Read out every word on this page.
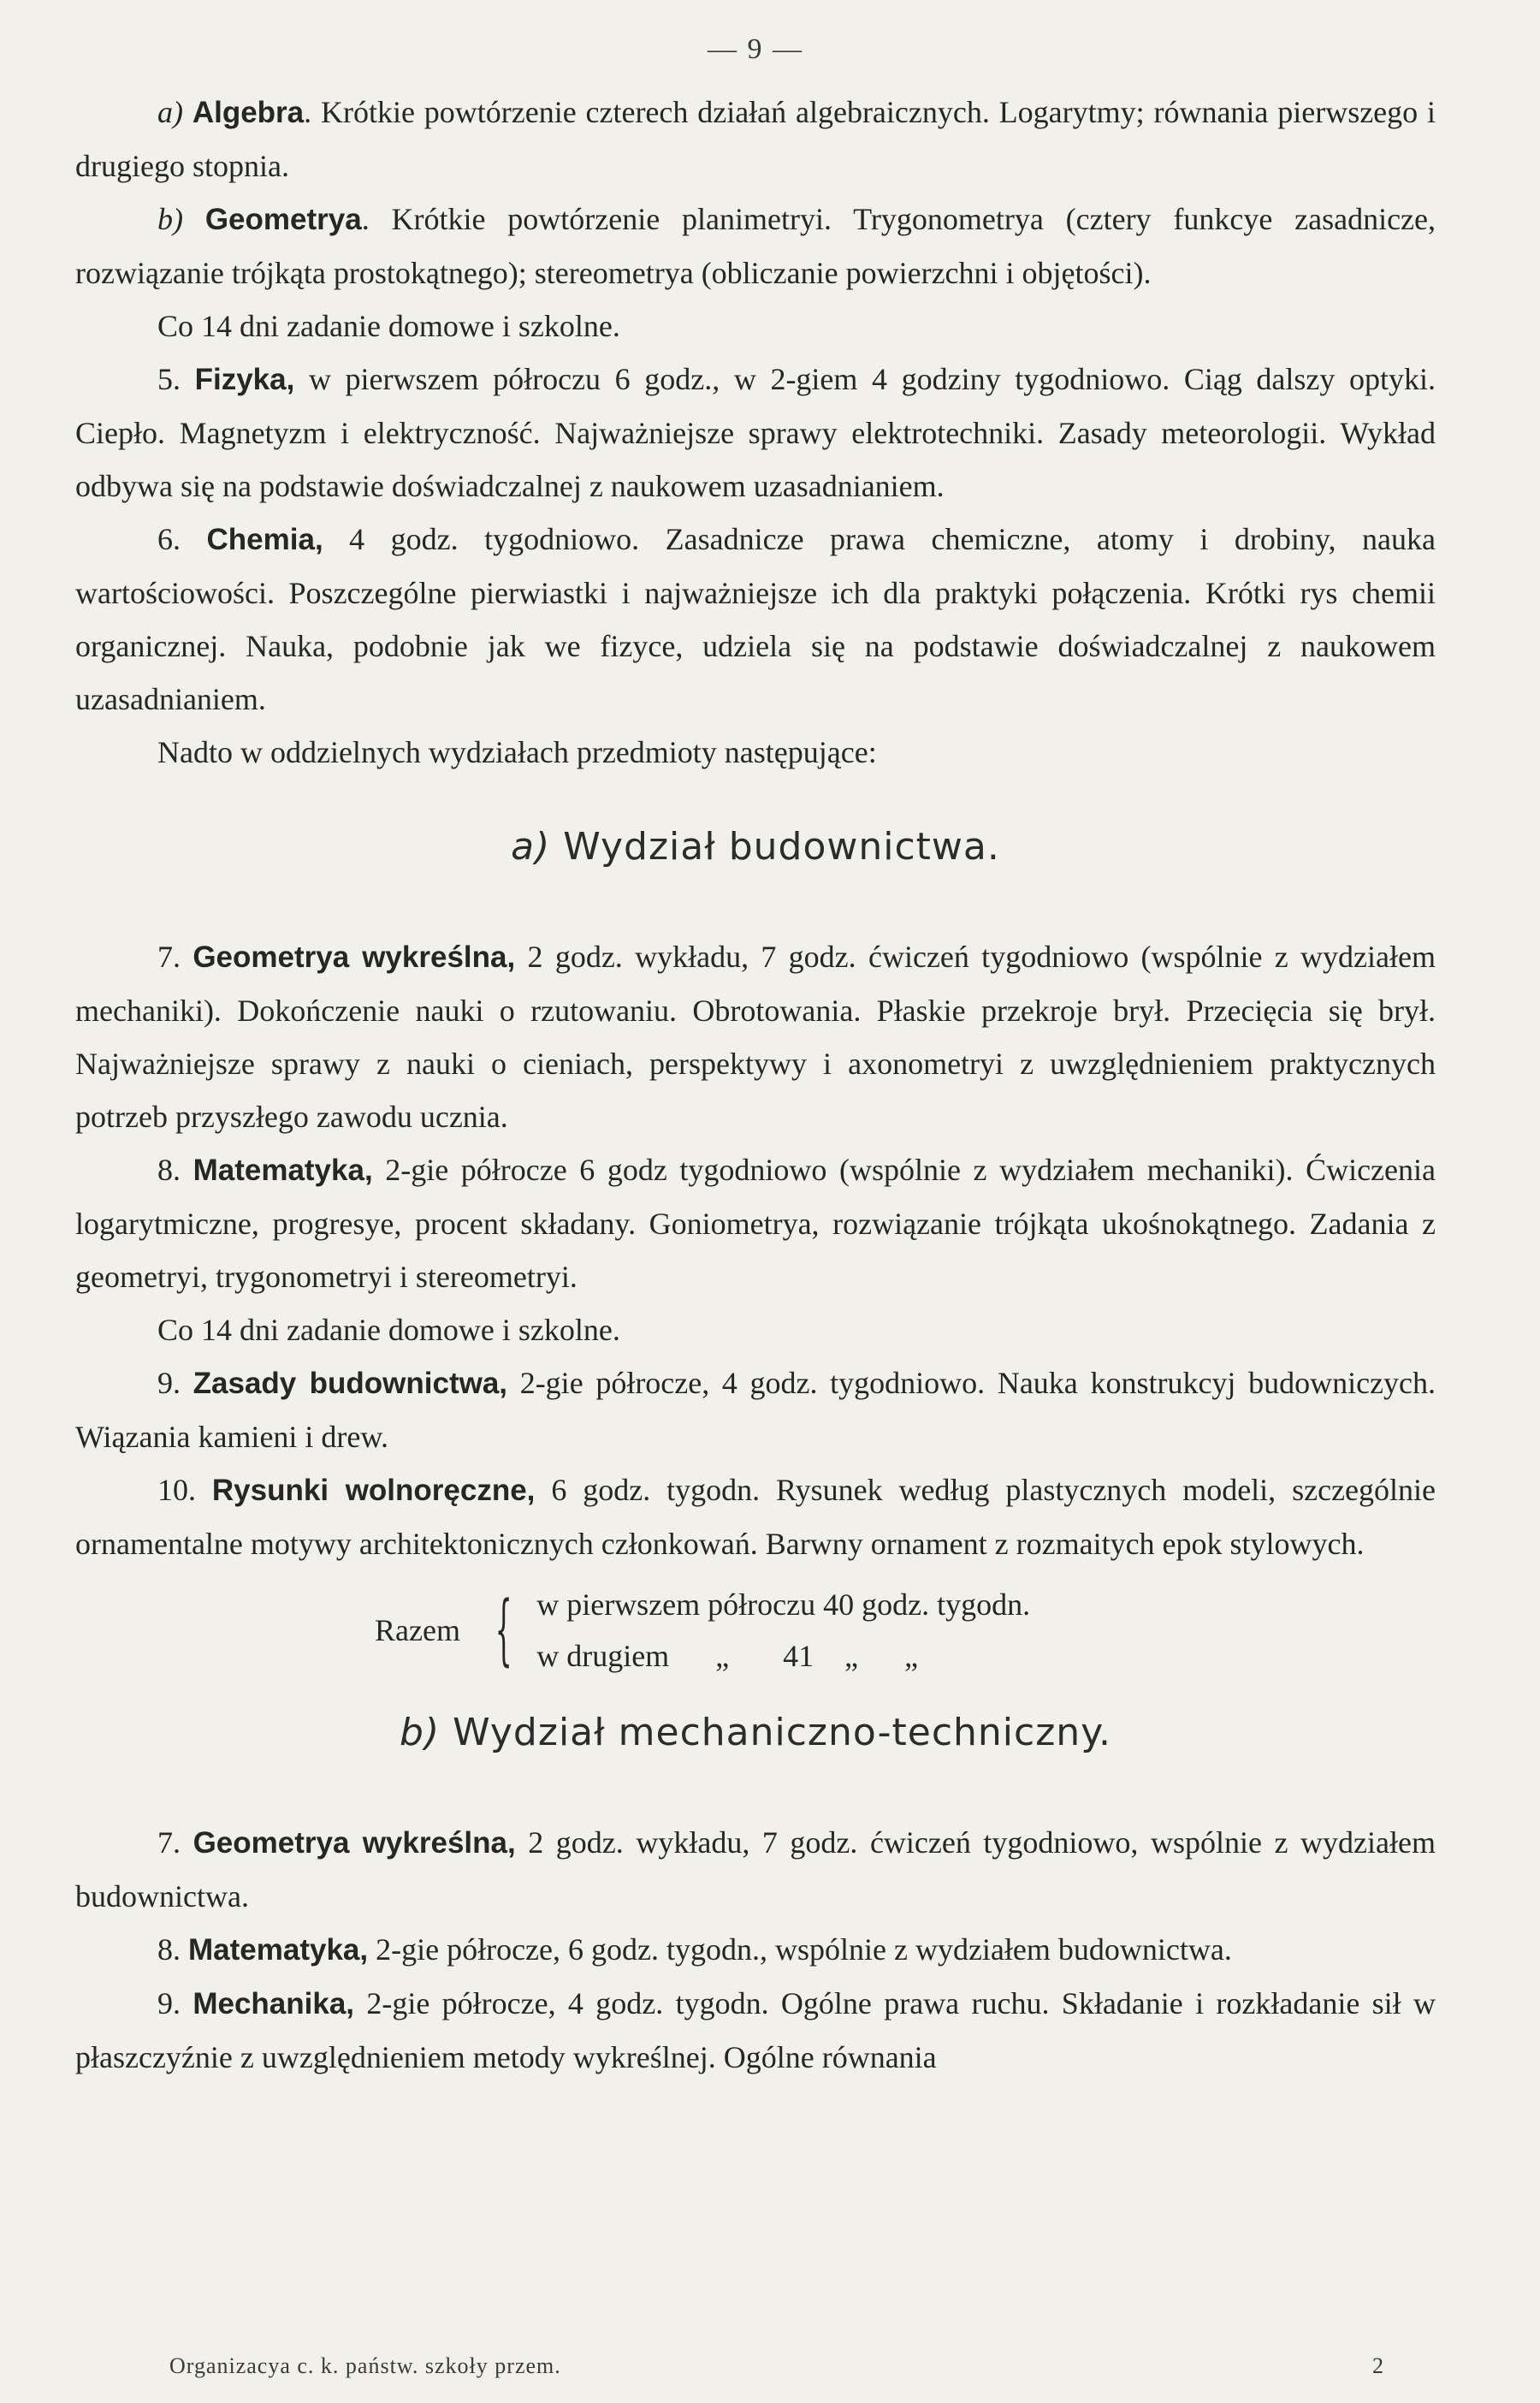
— 9 —

a) Algebra. Krótkie powtórzenie czterech działań algebraicznych. Logarytmy; równania pierwszego i drugiego stopnia.

b) Geometrya. Krótkie powtórzenie planimetryi. Trygonometrya (cztery funkcye zasadnicze, rozwiązanie trójkąta prostokątnego); stereometrya (obliczanie powierzchni i objętości).

Co 14 dni zadanie domowe i szkolne.

5. Fizyka, w pierwszem półroczu 6 godz., w 2-giem 4 godziny tygodniowo. Ciąg dalszy optyki. Ciepło. Magnetyzm i elektryczność. Najważniejsze sprawy elektrotechniki. Zasady meteorologii. Wykład odbywa się na podstawie doświadczalnej z naukowem uzasadnianiem.

6. Chemia, 4 godz. tygodniowo. Zasadnicze prawa chemiczne, atomy i drobiny, nauka wartościowości. Poszczególne pierwiastki i najważniejsze ich dla praktyki połączenia. Krótki rys chemii organicznej. Nauka, podobnie jak we fizyce, udziela się na podstawie doświadczalnej z naukowem uzasadnianiem.

Nadto w oddzielnych wydziałach przedmioty następujące:

a) Wydział budownictwa.

7. Geometrya wykreślna, 2 godz. wykładu, 7 godz. ćwiczeń tygodniowo (wspólnie z wydziałem mechaniki). Dokończenie nauki o rzutowaniu. Obrotowania. Płaskie przekroje brył. Przecięcia się brył. Najważniejsze sprawy z nauki o cieniach, perspektywy i axonometryi z uwzględnieniem praktycznych potrzeb przyszłego zawodu ucznia.

8. Matematyka, 2-gie półrocze 6 godz tygodniowo (wspólnie z wydziałem mechaniki). Ćwiczenia logarytmiczne, progresye, procent składany. Goniometrya, rozwiązanie trójkąta ukośnokątnego. Zadania z geometryi, trygonometryi i stereometryi.

Co 14 dni zadanie domowe i szkolne.

9. Zasady budownictwa, 2-gie półrocze, 4 godz. tygodniowo. Nauka konstrukcyj budowniczych. Wiązania kamieni i drew.

10. Rysunki wolnoręczne, 6 godz. tygodn. Rysunek według plastycznych modeli, szczególnie ornamentalne motywy architektonicznych członkowań. Barwny ornament z rozmaitych epok stylowych.

Razem { w pierwszem półroczu 40 godz. tygodn.
w drugiem      „       41    „      „
b) Wydział mechaniczno-techniczny.

7. Geometrya wykreślna, 2 godz. wykładu, 7 godz. ćwiczeń tygodniowo, wspólnie z wydziałem budownictwa.

8. Matematyka, 2-gie półrocze, 6 godz. tygodn., wspólnie z wydziałem budownictwa.

9. Mechanika, 2-gie półrocze, 4 godz. tygodn. Ogólne prawa ruchu. Składanie i rozkładanie sił w płaszczyźnie z uwzględnieniem metody wykreślnej. Ogólne równania

Organizacya c. k. państw. szkoły przem.	2
